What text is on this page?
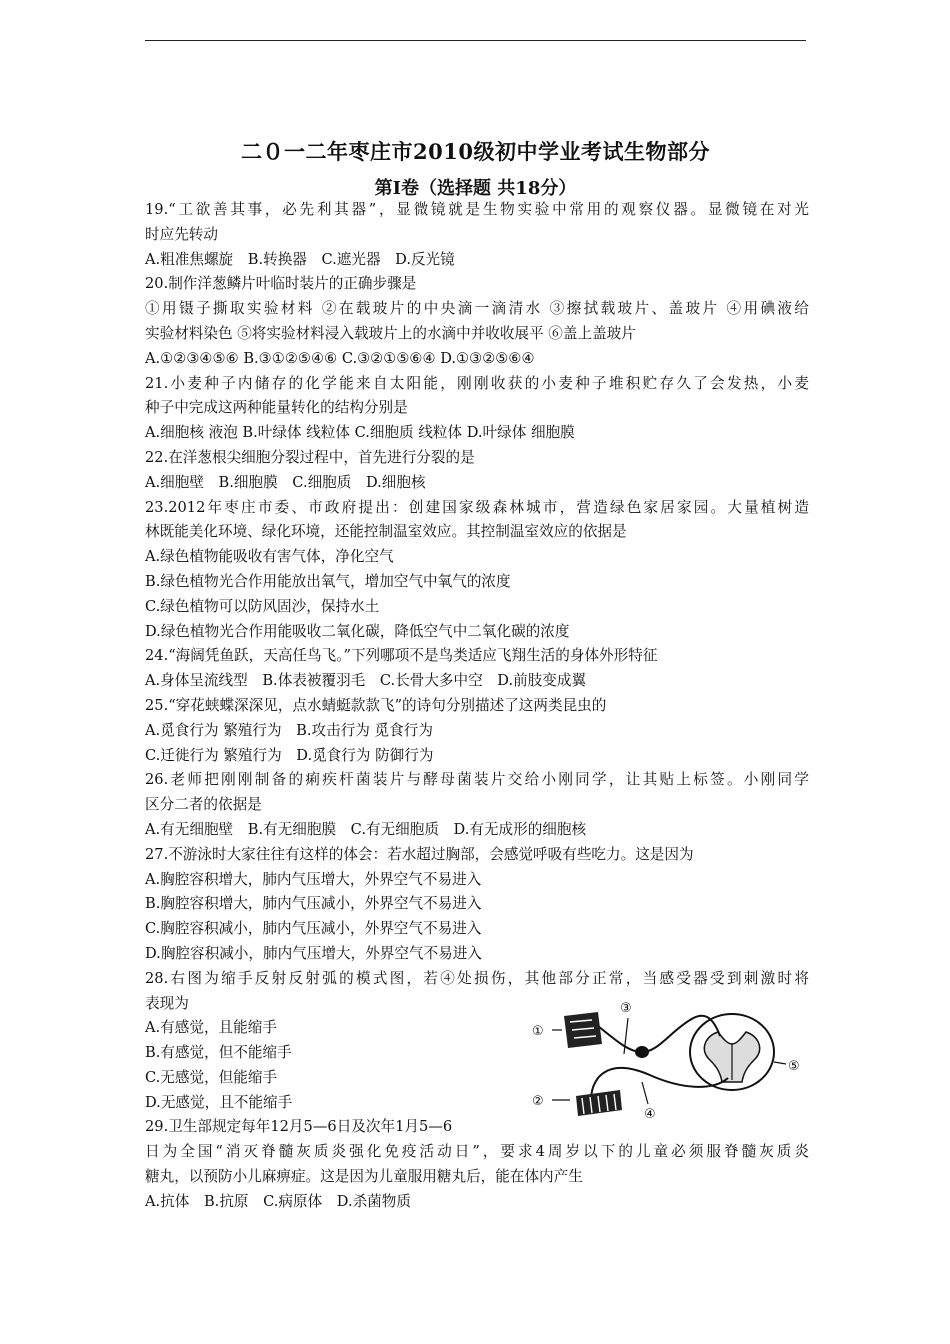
二０一二年枣庄市2010级初中学业考试生物部分
第Ⅰ卷（选择题 共18分）
19.“工欲善其事，必先利其器”，显微镜就是生物实验中常用的观察仪器。显微镜在对光
时应先转动
A.粗准焦螺旋　B.转换器　C.遮光器　D.反光镜
20.制作洋葱鳞片叶临时装片的正确步骤是
①用镊子撕取实验材料 ②在载玻片的中央滴一滴清水 ③擦拭载玻片、盖玻片 ④用碘液给
实验材料染色 ⑤将实验材料浸入载玻片上的水滴中并收收展平 ⑥盖上盖玻片
A.①②③④⑤⑥ B.③①②⑤④⑥ C.③②①⑤⑥④ D.①③②⑤⑥④
21.小麦种子内储存的化学能来自太阳能，刚刚收获的小麦种子堆积贮存久了会发热，小麦
种子中完成这两种能量转化的结构分别是
A.细胞核 液泡 B.叶绿体 线粒体 C.细胞质 线粒体 D.叶绿体 细胞膜
22.在洋葱根尖细胞分裂过程中，首先进行分裂的是
A.细胞壁　B.细胞膜　C.细胞质　D.细胞核
23.2012年枣庄市委、市政府提出：创建国家级森林城市，营造绿色家居家园。大量植树造
林既能美化环境、绿化环境，还能控制温室效应。其控制温室效应的依据是
A.绿色植物能吸收有害气体，净化空气
B.绿色植物光合作用能放出氧气，增加空气中氧气的浓度
C.绿色植物可以防风固沙，保持水土
D.绿色植物光合作用能吸收二氧化碳，降低空气中二氧化碳的浓度
24.“海阔凭鱼跃，天高任鸟飞。”下列哪项不是鸟类适应飞翔生活的身体外形特征
A.身体呈流线型　B.体表被覆羽毛　C.长骨大多中空　D.前肢变成翼
25.“穿花蛱蝶深深见，点水蜻蜓款款飞”的诗句分别描述了这两类昆虫的
A.觅食行为 繁殖行为　B.攻击行为 觅食行为
C.迁徙行为 繁殖行为　D.觅食行为 防御行为
26.老师把刚刚制备的痢疾杆菌装片与酵母菌装片交给小刚同学，让其贴上标签。小刚同学
区分二者的依据是
A.有无细胞壁　B.有无细胞膜　C.有无细胞质　D.有无成形的细胞核
27.不游泳时大家往往有这样的体会：若水超过胸部，会感觉呼吸有些吃力。这是因为
A.胸腔容积增大，肺内气压增大，外界空气不易进入
B.胸腔容积增大，肺内气压减小，外界空气不易进入
C.胸腔容积减小，肺内气压减小，外界空气不易进入
D.胸腔容积减小，肺内气压增大，外界空气不易进入
28.右图为缩手反射反射弧的模式图，若④处损伤，其他部分正常，当感受器受到刺激时将
表现为
A.有感觉，且能缩手
B.有感觉，但不能缩手
C.无感觉，但能缩手
D.无感觉，且不能缩手
29.卫生部规定每年12月5—6日及次年1月5—6
日为全国“消灭脊髓灰质炎强化免疫活动日”，要求4周岁以下的儿童必须服脊髓灰质炎
糖丸，以预防小儿麻痹症。这是因为儿童服用糖丸后，能在体内产生
A.抗体　B.抗原　C.病原体　D.杀菌物质
①
②
③
④
⑤
